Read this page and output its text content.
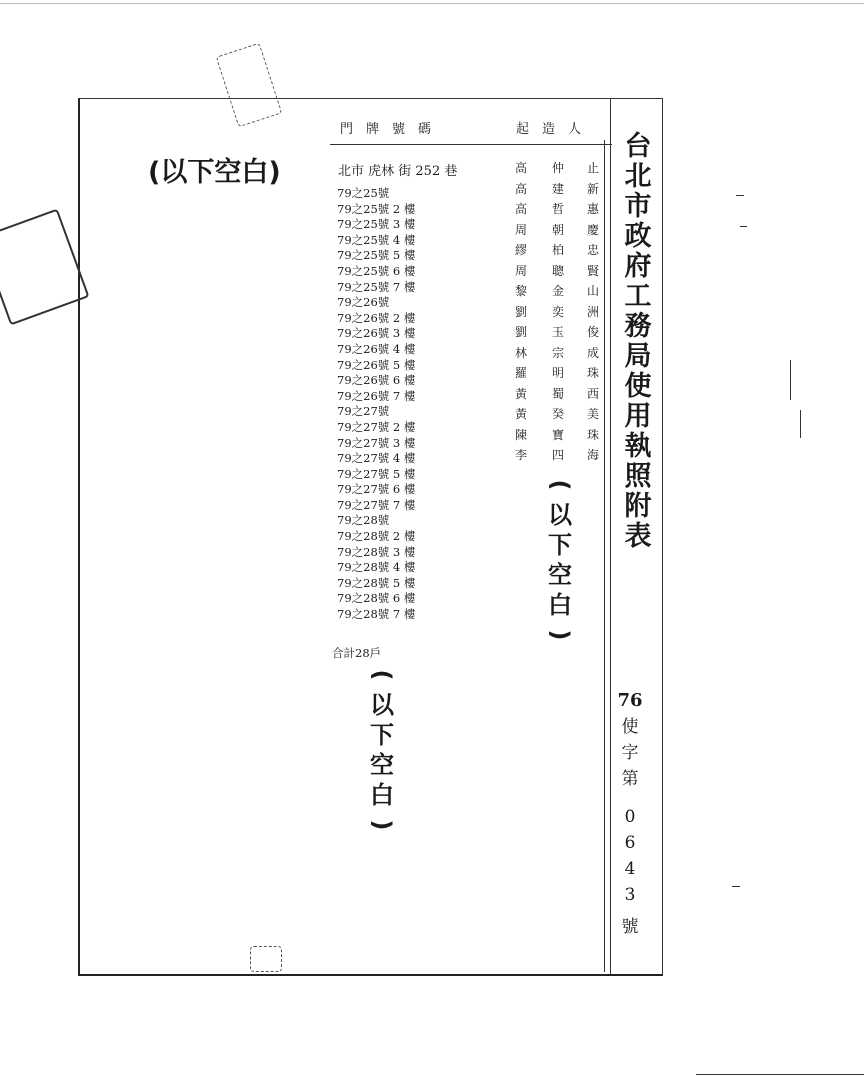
台
北
市
政
府
工
務
局
使
用
執
照
附
表
76
使
字
第
0
6
4
3
號
門　牌　號　碼	起　造　人
北市 虎林 街 252 巷
79之25號
79之25號 2 樓
79之25號 3 樓
79之25號 4 樓
79之25號 5 樓
79之25號 6 樓
79之25號 7 樓
79之26號
79之26號 2 樓
79之26號 3 樓
79之26號 4 樓
79之26號 5 樓
79之26號 6 樓
79之26號 7 樓
79之27號
79之27號 2 樓
79之27號 3 樓
79之27號 4 樓
79之27號 5 樓
79之27號 6 樓
79之27號 7 樓
79之28號
79之28號 2 樓
79之28號 3 樓
79之28號 4 樓
79之28號 5 樓
79之28號 6 樓
79之28號 7 樓
合計28戶
高
高
高
周
繆
周
黎
劉
劉
林
羅
黃
黃
陳
李
仲
建
哲
朝
柏
聰
金
奕
玉
宗
明
蜀
癸
寶
四
止
新
惠
慶
忠
賢
山
洲
俊
成
珠
西
美
珠
海
(以下空白)
(
以
下
空
白
)
(
以
下
空
白
)
